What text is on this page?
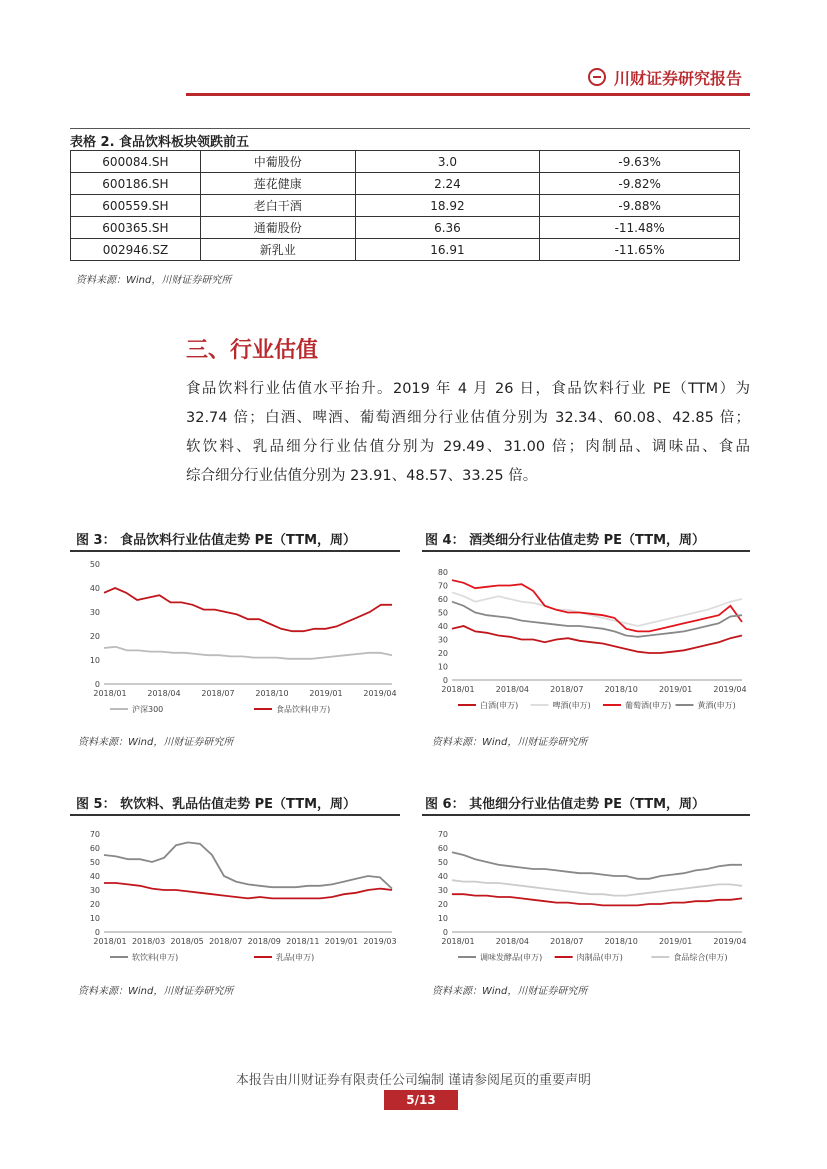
川财证券研究报告
表格 2. 食品饮料板块领跌前五
600084.SH	中葡股份	3.0	-9.63%
600186.SH	莲花健康	2.24	-9.82%
600559.SH	老白干酒	18.92	-9.88%
600365.SH	通葡股份	6.36	-11.48%
002946.SZ	新乳业	16.91	-11.65%
资料来源：Wind，川财证券研究所
三、行业估值

食品饮料行业估值水平抬升。2019 年 4 月 26 日，食品饮料行业 PE（TTM）为

32.74 倍；白酒、啤酒、葡萄酒细分行业估值分别为 32.34、60.08、42.85 倍；

软饮料、乳品细分行业估值分别为 29.49、31.00 倍；肉制品、调味品、食品

综合细分行业估值分别为 23.91、48.57、33.25 倍。

图 3： 食品饮料行业估值走势 PE（TTM，周）
0
10
20
30
40
50
2018/01	2018/04	2018/07	2018/10	2019/01	2019/04
沪深300	食品饮料(申万)
资料来源：Wind，川财证券研究所
图 4： 酒类细分行业估值走势 PE（TTM，周）
0
10
20
30
40
50
60
70
80
2018/01	2018/04	2018/07	2018/10	2019/01	2019/04
白酒(申万)	啤酒(申万)	葡萄酒(申万)	黄酒(申万)
资料来源：Wind，川财证券研究所
图 5： 软饮料、乳品估值走势 PE（TTM，周）
0
10
20
30
40
50
60
70
2018/01 2018/03 2018/05 2018/07 2018/09 2018/11 2019/01 2019/03
软饮料(申万)	乳品(申万)
资料来源：Wind，川财证券研究所
图 6： 其他细分行业估值走势 PE（TTM，周）
0
10
20
30
40
50
60
70
2018/01	2018/04	2018/07	2018/10	2019/01	2019/04
调味发酵品(申万)	肉制品(申万)	食品综合(申万)
资料来源：Wind，川财证券研究所
本报告由川财证券有限责任公司编制 谨请参阅尾页的重要声明
5/13
